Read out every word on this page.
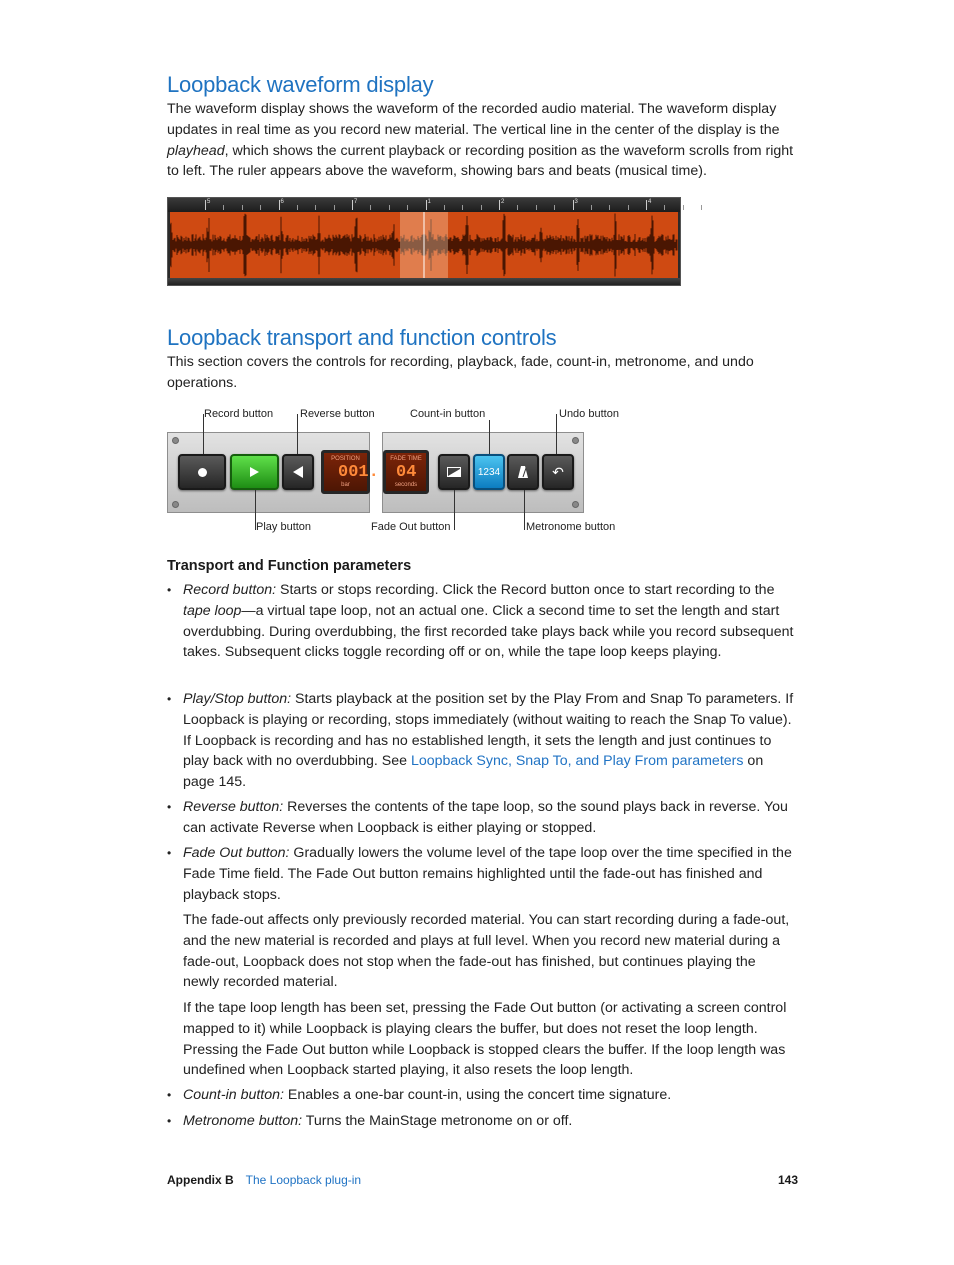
Loopback waveform display

The waveform display shows the waveform of the recorded audio material. The waveform display updates in real time as you record new material. The vertical line in the center of the display is the playhead, which shows the current playback or recording position as the waveform scrolls from right to left. The ruler appears above the waveform, showing bars and beats (musical time).

5	6	7	1	2	3	4
Loopback transport and function controls

This section covers the controls for recording, playback, fade, count-in, metronome, and undo operations.

Record button Reverse button	Count-in button	Undo button
Play button	Fade Out button	Metronome button
POSITION
001.
bar
FADE TIME
04
seconds
1234	↶
Transport and Function parameters
• Record button: Starts or stops recording. Click the Record button once to start recording to the tape loop—a virtual tape loop, not an actual one. Click a second time to set the length and start overdubbing. During overdubbing, the first recorded take plays back while you record subsequent takes. Subsequent clicks toggle recording off or on, while the tape loop keeps playing.

• Play/Stop button: Starts playback at the position set by the Play From and Snap To parameters. If Loopback is playing or recording, stops immediately (without waiting to reach the Snap To value). If Loopback is recording and has no established length, it sets the length and just continues to play back with no overdubbing. See Loopback Sync, Snap To, and Play From parameters on page 145.

• Reverse button: Reverses the contents of the tape loop, so the sound plays back in reverse. You can activate Reverse when Loopback is either playing or stopped.

• Fade Out button: Gradually lowers the volume level of the tape loop over the time specified in the Fade Time field. The Fade Out button remains highlighted until the fade-out has finished and playback stops.

The fade-out affects only previously recorded material. You can start recording during a fade-out, and the new material is recorded and plays at full level. When you record new material during a fade-out, Loopback does not stop when the fade-out has finished, but continues playing the newly recorded material.

If the tape loop length has been set, pressing the Fade Out button (or activating a screen control mapped to it) while Loopback is playing clears the buffer, but does not reset the loop length. Pressing the Fade Out button while Loopback is stopped clears the buffer. If the loop length was undefined when Loopback started playing, it also resets the loop length.

• Count-in button: Enables a one-bar count-in, using the concert time signature.

• Metronome button: Turns the MainStage metronome on or off.

Appendix B The Loopback plug-in	143
